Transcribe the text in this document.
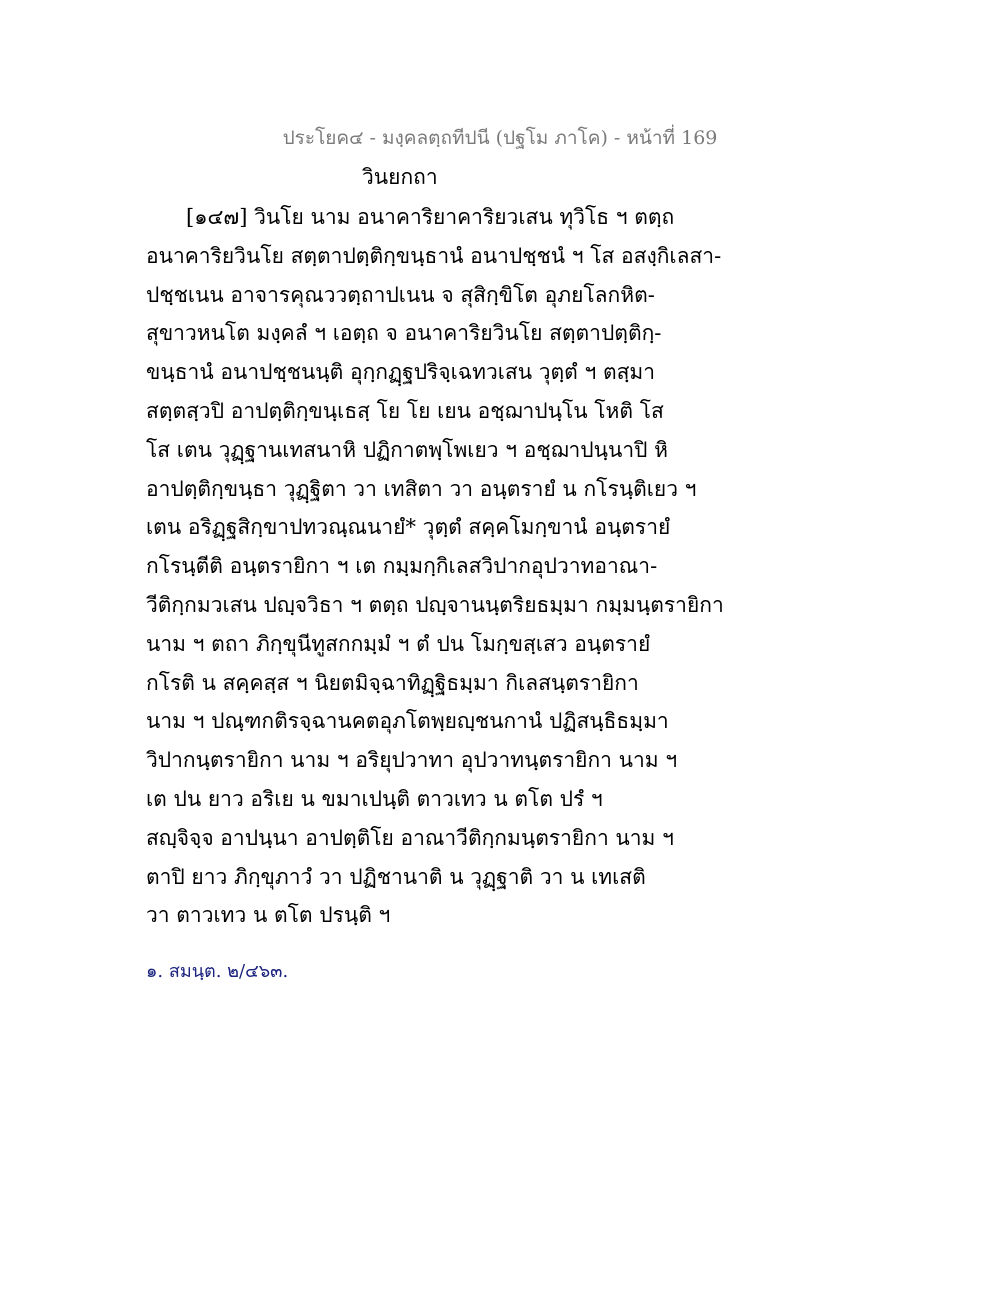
ประโยค๔ - มงฺคลตฺถทีปนี (ปฐโม ภาโค) - หน้าที่ 169
วินยกถา
[๑๔๗] วินโย นาม อนาคาริยาคาริยวเสน ทุวิโธ ฯ ตตฺถ
อนาคาริยวินโย สตฺตาปตฺติกฺขนฺธานํ อนาปชฺชนํ ฯ โส อสงฺกิเลสา-
ปชฺชเนน อาจารคุณววตฺถาปเนน จ สุสิกฺขิโต อุภยโลกหิต-
สุขาวหนโต มงฺคลํ ฯ เอตฺถ จ อนาคาริยวินโย สตฺตาปตฺติกฺ-
ขนฺธานํ อนาปชฺชนนฺติ อุกฺกฏฺฐปริจฺเฉทวเสน วุตฺตํ ฯ ตสฺมา
สตฺตสฺวปิ อาปตฺติกฺขนฺเธสฺ โย โย เยน อชฺฌาปนฺโน โหติ โส
โส เตน วุฏฺฐานเทสนาหิ ปฏิกาตพฺโพเยว ฯ อชฺฌาปนฺนาปิ หิ
อาปตฺติกฺขนฺธา วุฏฺฐิตา วา เทสิตา วา อนฺตรายํ น กโรนฺติเยว ฯ
เตน อริฏฺฐสิกฺขาปทวณฺณนายํ* วุตฺตํ สคฺคโมกฺขานํ อนฺตรายํ
กโรนฺตีติ อนฺตรายิกา ฯ เต กมฺมกฺกิเลสวิปากอุปวาทอาณา-
วีติกฺกมวเสน ปญฺจวิธา ฯ ตตฺถ ปญฺจานนฺตริยธมฺมา กมฺมนฺตรายิกา
นาม ฯ ตถา ภิกฺขุนีทูสกกมฺมํ ฯ ตํ ปน โมกฺขสฺเสว อนฺตรายํ
กโรติ น สคฺคสฺส ฯ นิยตมิจฺฉาทิฏฺฐิธมฺมา กิเลสนฺตรายิกา
นาม ฯ ปณฺฑกติรจฺฉานคตอุภโตพฺยญฺชนกานํ ปฏิสนฺธิธมฺมา
วิปากนฺตรายิกา นาม ฯ อริยุปวาทา อุปวาทนฺตรายิกา นาม ฯ
เต ปน ยาว อริเย น ขมาเปนฺติ ตาวเทว น ตโต ปรํ ฯ
สญฺจิจฺจ อาปนฺนา อาปตฺติโย อาณาวีติกฺกมนฺตรายิกา นาม ฯ
ตาปิ ยาว ภิกฺขุภาวํ วา ปฏิชานาติ น วุฏฺฐาติ วา น เทเสติ
วา ตาวเทว น ตโต ปรนฺติ ฯ
๑. สมนฺต. ๒/๔๖๓.
